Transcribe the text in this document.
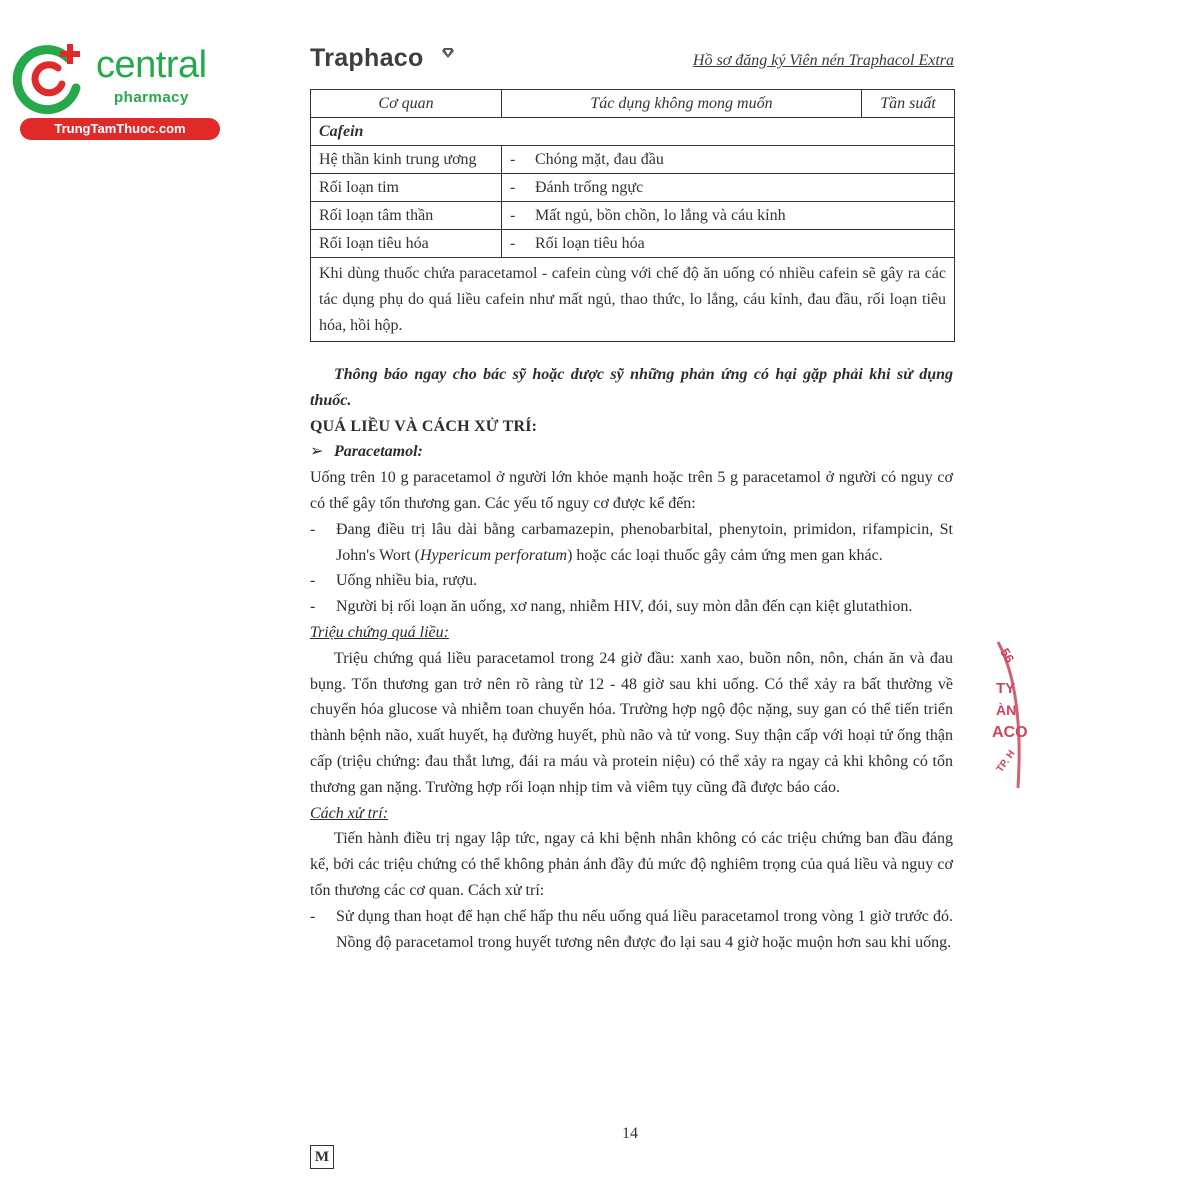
central
pharmacy
TrungTamThuoc.com
Traphaco	Hồ sơ đăng ký Viên nén Traphacol Extra
Cơ quan	Tác dụng không mong muốn	Tần suất
Cafein		
Hệ thần kinh trung ương	- Chóng mặt, đau đầu	
Rối loạn tim	- Đánh trống ngực	
Rối loạn tâm thần	- Mất ngủ, bồn chồn, lo lắng và cáu kỉnh	
Rối loạn tiêu hóa	- Rối loạn tiêu hóa	
Khi dùng thuốc chứa paracetamol - cafein cùng với chế độ ăn uống có nhiều cafein sẽ gây ra các tác dụng phụ do quá liều cafein như mất ngủ, thao thức, lo lắng, cáu kỉnh, đau đầu, rối loạn tiêu hóa, hồi hộp.		

Thông báo ngay cho bác sỹ hoặc dược sỹ những phản ứng có hại gặp phải khi sử dụng thuốc.

QUÁ LIỀU VÀ CÁCH XỬ TRÍ:

➢ Paracetamol:

Uống trên 10 g paracetamol ở người lớn khỏe mạnh hoặc trên 5 g paracetamol ở người có nguy cơ có thể gây tổn thương gan. Các yếu tố nguy cơ được kể đến:

- Đang điều trị lâu dài bằng carbamazepin, phenobarbital, phenytoin, primidon, rifampicin, St John's Wort (Hypericum perforatum) hoặc các loại thuốc gây cảm ứng men gan khác.
- Uống nhiều bia, rượu.
- Người bị rối loạn ăn uống, xơ nang, nhiễm HIV, đói, suy mòn dẫn đến cạn kiệt glutathion.

Triệu chứng quá liều:

Triệu chứng quá liều paracetamol trong 24 giờ đầu: xanh xao, buồn nôn, nôn, chán ăn và đau bụng. Tổn thương gan trở nên rõ ràng từ 12 - 48 giờ sau khi uống. Có thể xảy ra bất thường về chuyển hóa glucose và nhiễm toan chuyển hóa. Trường hợp ngộ độc nặng, suy gan có thể tiến triển thành bệnh não, xuất huyết, hạ đường huyết, phù não và tử vong. Suy thận cấp với hoại tử ống thận cấp (triệu chứng: đau thắt lưng, đái ra máu và protein niệu) có thể xảy ra ngay cả khi không có tổn thương gan nặng. Trường hợp rối loạn nhịp tim và viêm tụy cũng đã được báo cáo.

Cách xử trí:

Tiến hành điều trị ngay lập tức, ngay cả khi bệnh nhân không có các triệu chứng ban đầu đáng kể, bởi các triệu chứng có thể không phản ánh đầy đủ mức độ nghiêm trọng của quá liều và nguy cơ tổn thương các cơ quan. Cách xử trí:

- Sử dụng than hoạt để hạn chế hấp thu nếu uống quá liều paracetamol trong vòng 1 giờ trước đó. Nồng độ paracetamol trong huyết tương nên được đo lại sau 4 giờ hoặc muộn hơn sau khi uống.
14
M
56
TY
ÀN
ACO
TP. H
